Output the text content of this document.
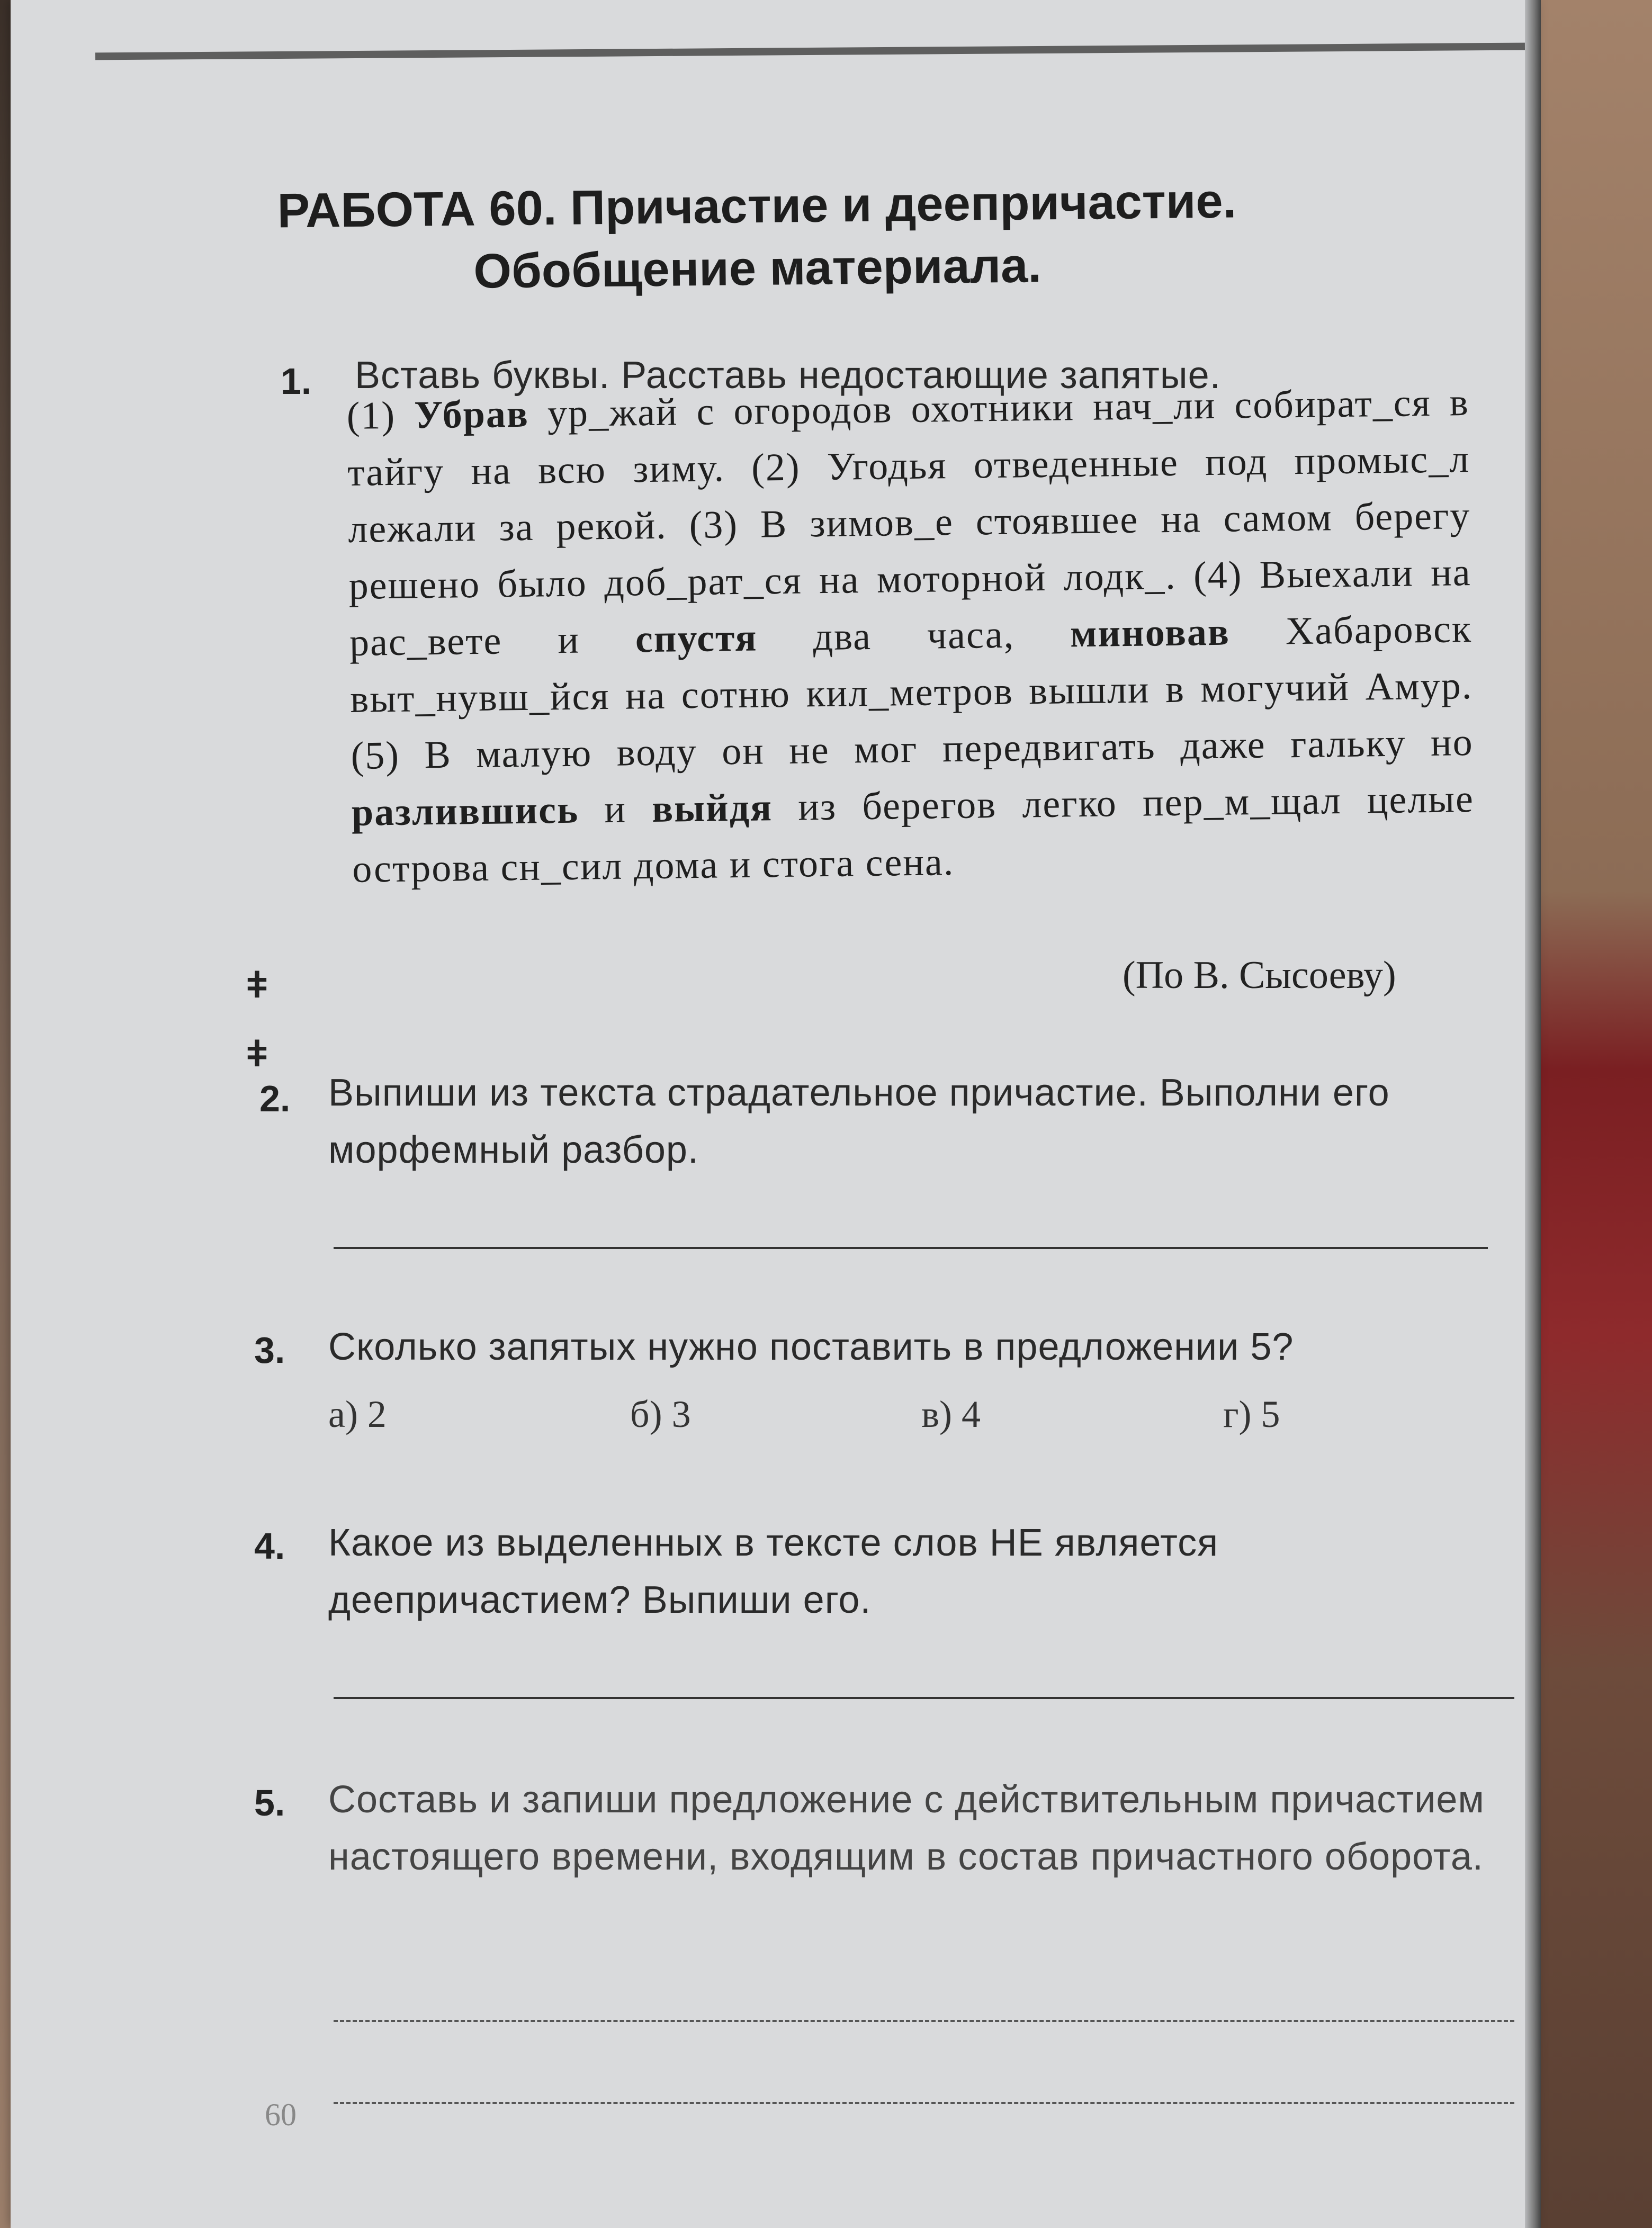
РАБОТА 60. Причастие и деепричастие.
Обобщение материала.
1. Вставь буквы. Расставь недостающие запятые.
(1) Убрав ур_жай с огородов охотники нач_ли собират_ся в тайгу на всю зиму. (2) Угодья отведенные под промыс_л лежали за рекой. (3) В зимов_е стоявшее на самом берегу решено было доб_рат_ся на моторной лодк_. (4) Выехали на рас_вете и спустя два часа, миновав Хабаровск выт_нувш_йся на сотню кил_метров вышли в могучий Амур. (5) В малую воду он не мог передвигать даже гальку но разлившись и выйдя из берегов легко пер_м_щал целые острова сн_сил дома и стога сена.
(По В. Сысоеву)
ǂ
ǂ
2. Выпиши из текста страдательное причастие. Выполни его морфемный разбор.
3. Сколько запятых нужно поставить в предложении 5?
а) 2	б) 3	в) 4	г) 5
4. Какое из выделенных в тексте слов НЕ является деепричастием? Выпиши его.
5. Составь и запиши предложение с действительным причастием настоящего времени, входящим в состав причастного оборота.
60
